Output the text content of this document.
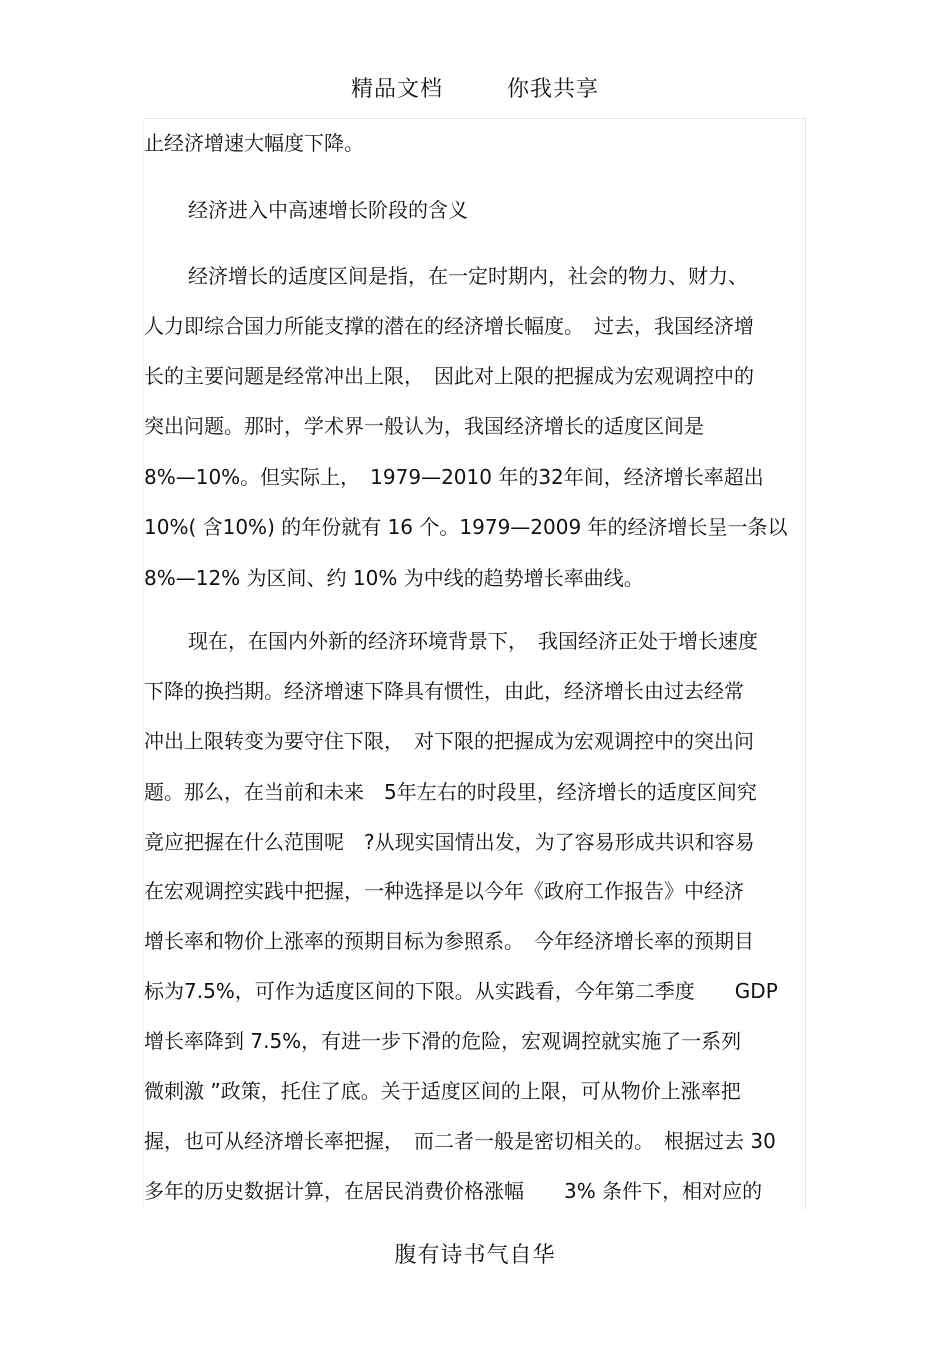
精品文档	你我共享
止经济增速大幅度下降。
经济进入中高速增长阶段的含义
经济增长的适度区间是指，在一定时期内，社会的物力、财力、
人力即综合国力所能支撑的潜在的经济增长幅度。　过去，我国经济增
长的主要问题是经常冲出上限，　因此对上限的把握成为宏观调控中的
突出问题。那时，学术界一般认为，我国经济增长的适度区间是
8%—10%。但实际上，　1979—2010 年的32年间，经济增长率超出
10%( 含10%) 的年份就有 16 个。1979—2009 年的经济增长呈一条以
8%—12% 为区间、约 10% 为中线的趋势增长率曲线。
现在，在国内外新的经济环境背景下，　我国经济正处于增长速度
下降的换挡期。经济增速下降具有惯性，由此，经济增长由过去经常
冲出上限转变为要守住下限，　对下限的把握成为宏观调控中的突出问
题。那么，在当前和未来　5年左右的时段里，经济增长的适度区间究
竟应把握在什么范围呢　?从现实国情出发，为了容易形成共识和容易
在宏观调控实践中把握，一种选择是以今年《政府工作报告》中经济
增长率和物价上涨率的预期目标为参照系。　今年经济增长率的预期目
标为7.5%，可作为适度区间的下限。从实践看，今年第二季度　　GDP
增长率降到 7.5%，有进一步下滑的危险，宏观调控就实施了一系列
微刺激 ”政策，托住了底。关于适度区间的上限，可从物价上涨率把
握，也可从经济增长率把握，　而二者一般是密切相关的。　根据过去 30
多年的历史数据计算，在居民消费价格涨幅　　3% 条件下，相对应的
腹有诗书气自华
